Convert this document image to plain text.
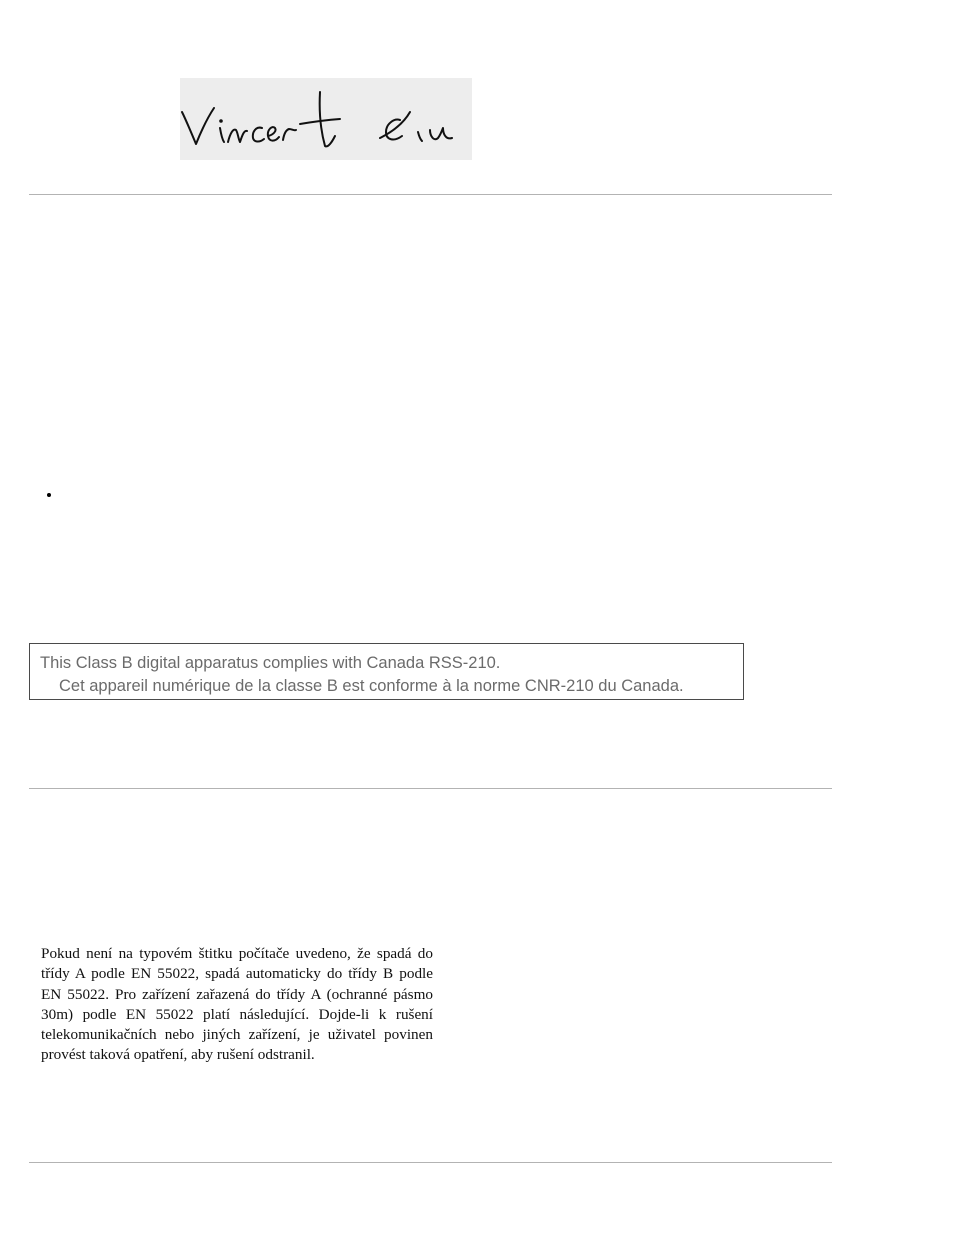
This Class B digital apparatus complies with Canada RSS-210.
Cet appareil numérique de la classe B est conforme à la norme CNR-210 du Canada.

Pokud není na typovém štitku počítače uvedeno, že spadá do třídy A podle EN 55022, spadá automaticky do třídy B podle EN 55022. Pro zařízení zařazená do třídy A (ochranné pásmo 30m) podle EN 55022 platí následující. Dojde-li k rušení telekomunikačních nebo jiných zařízení, je uživatel povinen provést taková opatření, aby rušení odstranil.
